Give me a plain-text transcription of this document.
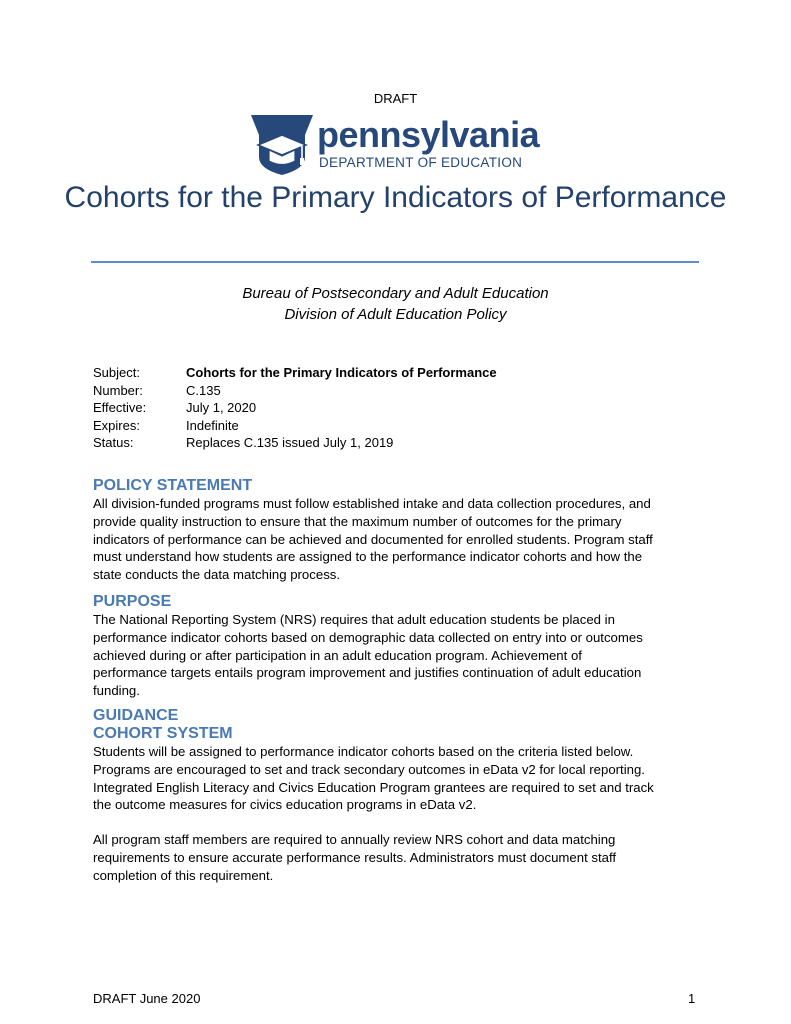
DRAFT
pennsylvania
DEPARTMENT OF EDUCATION
Cohorts for the Primary Indicators of Performance
Bureau of Postsecondary and Adult Education
Division of Adult Education Policy
Subject:	Cohorts for the Primary Indicators of Performance
Number:	C.135
Effective:	July 1, 2020
Expires:	Indefinite
Status:	Replaces C.135 issued July 1, 2019
POLICY STATEMENT
All division-funded programs must follow established intake and data collection procedures, and
provide quality instruction to ensure that the maximum number of outcomes for the primary
indicators of performance can be achieved and documented for enrolled students. Program staff
must understand how students are assigned to the performance indicator cohorts and how the
state conducts the data matching process.
PURPOSE
The National Reporting System (NRS) requires that adult education students be placed in
performance indicator cohorts based on demographic data collected on entry into or outcomes
achieved during or after participation in an adult education program. Achievement of
performance targets entails program improvement and justifies continuation of adult education
funding.
GUIDANCE
COHORT SYSTEM
Students will be assigned to performance indicator cohorts based on the criteria listed below.
Programs are encouraged to set and track secondary outcomes in eData v2 for local reporting.
Integrated English Literacy and Civics Education Program grantees are required to set and track
the outcome measures for civics education programs in eData v2.
All program staff members are required to annually review NRS cohort and data matching
requirements to ensure accurate performance results. Administrators must document staff
completion of this requirement.
DRAFT June 2020	1
